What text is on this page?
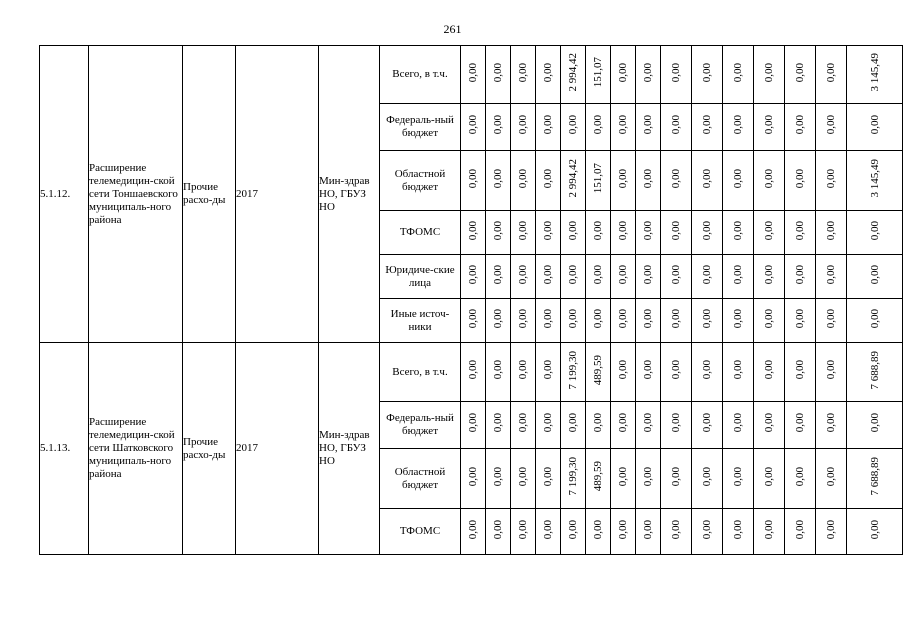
261
5.1.12.	Расширение телемедицин-ской сети Тоншаевского муниципаль-ного района	Прочие расхо-ды	2017	Мин-здрав НО, ГБУЗ НО	Всего, в т.ч.	0,00	0,00	0,00	0,00	2 994,42	151,07	0,00	0,00	0,00	0,00	0,00	0,00	0,00	0,00	3 145,49
					Федераль-ный бюджет	0,00	0,00	0,00	0,00	0,00	0,00	0,00	0,00	0,00	0,00	0,00	0,00	0,00	0,00	0,00
					Областной бюджет	0,00	0,00	0,00	0,00	2 994,42	151,07	0,00	0,00	0,00	0,00	0,00	0,00	0,00	0,00	3 145,49
					ТФОМС	0,00	0,00	0,00	0,00	0,00	0,00	0,00	0,00	0,00	0,00	0,00	0,00	0,00	0,00	0,00
					Юридиче-ские лица	0,00	0,00	0,00	0,00	0,00	0,00	0,00	0,00	0,00	0,00	0,00	0,00	0,00	0,00	0,00
					Иные источ-ники	0,00	0,00	0,00	0,00	0,00	0,00	0,00	0,00	0,00	0,00	0,00	0,00	0,00	0,00	0,00
5.1.13.	Расширение телемедицин-ской сети Шатковского муниципаль-ного района	Прочие расхо-ды	2017	Мин-здрав НО, ГБУЗ НО	Всего, в т.ч.	0,00	0,00	0,00	0,00	7 199,30	489,59	0,00	0,00	0,00	0,00	0,00	0,00	0,00	0,00	7 688,89
					Федераль-ный бюджет	0,00	0,00	0,00	0,00	0,00	0,00	0,00	0,00	0,00	0,00	0,00	0,00	0,00	0,00	0,00
					Областной бюджет	0,00	0,00	0,00	0,00	7 199,30	489,59	0,00	0,00	0,00	0,00	0,00	0,00	0,00	0,00	7 688,89
					ТФОМС	0,00	0,00	0,00	0,00	0,00	0,00	0,00	0,00	0,00	0,00	0,00	0,00	0,00	0,00	0,00
